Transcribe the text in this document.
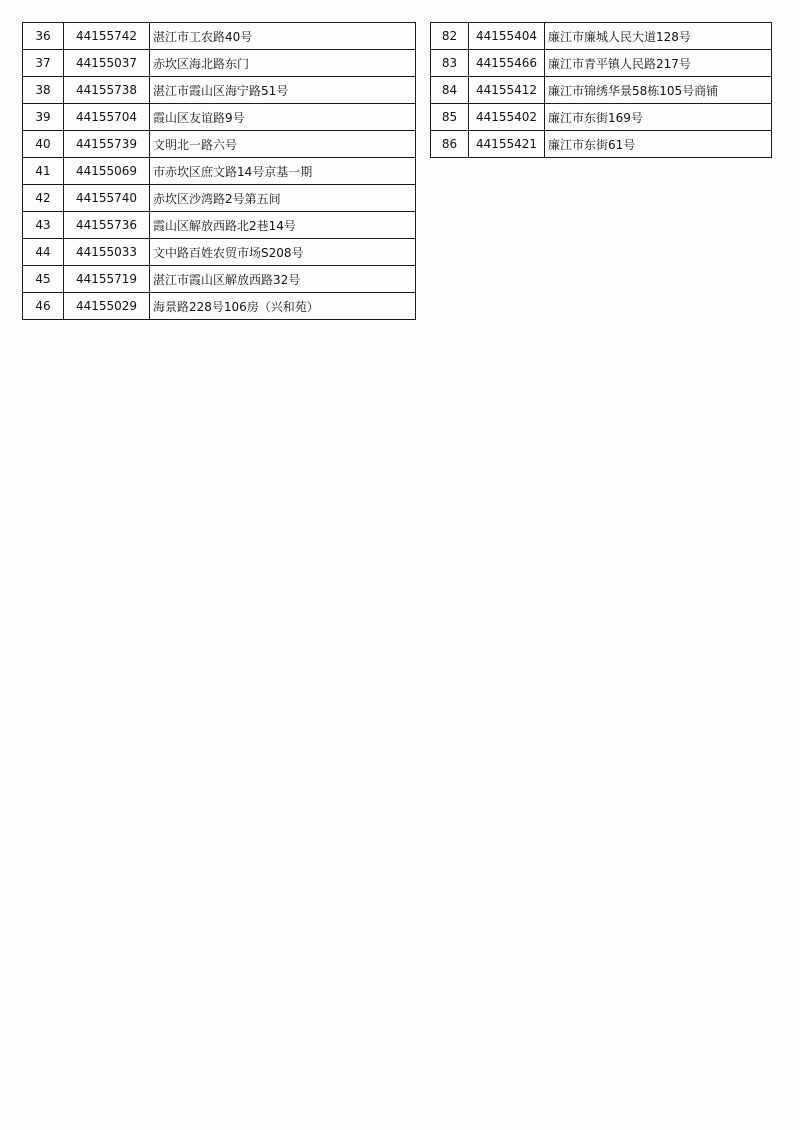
36	44155742	湛江市工农路40号
37	44155037	赤坎区海北路东门
38	44155738	湛江市霞山区海宁路51号
39	44155704	霞山区友谊路9号
40	44155739	文明北一路六号
41	44155069	市赤坎区庶文路14号京基一期
42	44155740	赤坎区沙湾路2号第五间
43	44155736	霞山区解放西路北2巷14号
44	44155033	文中路百姓农贸市场S208号
45	44155719	湛江市霞山区解放西路32号
46	44155029	海景路228号106房（兴和苑）
82	44155404	廉江市廉城人民大道128号
83	44155466	廉江市青平镇人民路217号
84	44155412	廉江市锦绣华景58栋105号商铺
85	44155402	廉江市东街169号
86	44155421	廉江市东街61号
